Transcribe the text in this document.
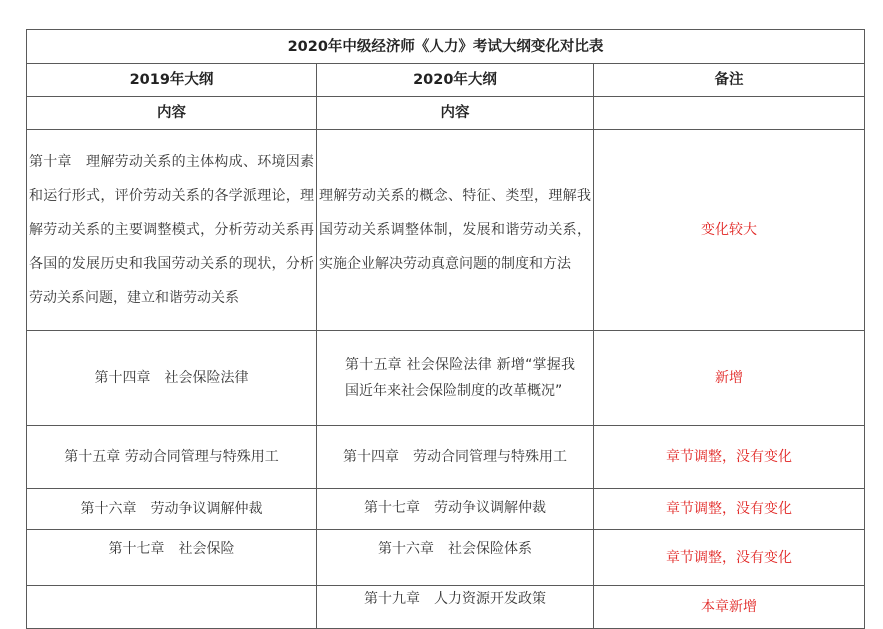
2020年中级经济师《人力》考试大纲变化对比表		
2019年大纲	2020年大纲	备注
内容	内容	
第十章　理解劳动关系的主体构成、环境因素和运行形式，评价劳动关系的各学派理论，理解劳动关系的主要调整模式，分析劳动关系再各国的发展历史和我国劳动关系的现状，分析劳动关系问题，建立和谐劳动关系	理解劳动关系的概念、特征、类型，理解我国劳动关系调整体制，发展和谐劳动关系，实施企业解决劳动真意问题的制度和方法	变化较大
第十四章　社会保险法律	第十五章 社会保险法律 新增“掌握我国近年来社会保险制度的改革概况”	新增
第十五章 劳动合同管理与特殊用工	第十四章　劳动合同管理与特殊用工	章节调整，没有变化
第十六章　劳动争议调解仲裁	第十七章　劳动争议调解仲裁	章节调整，没有变化
第十七章　社会保险	第十六章　社会保险体系	章节调整，没有变化
	第十九章　人力资源开发政策	本章新增
